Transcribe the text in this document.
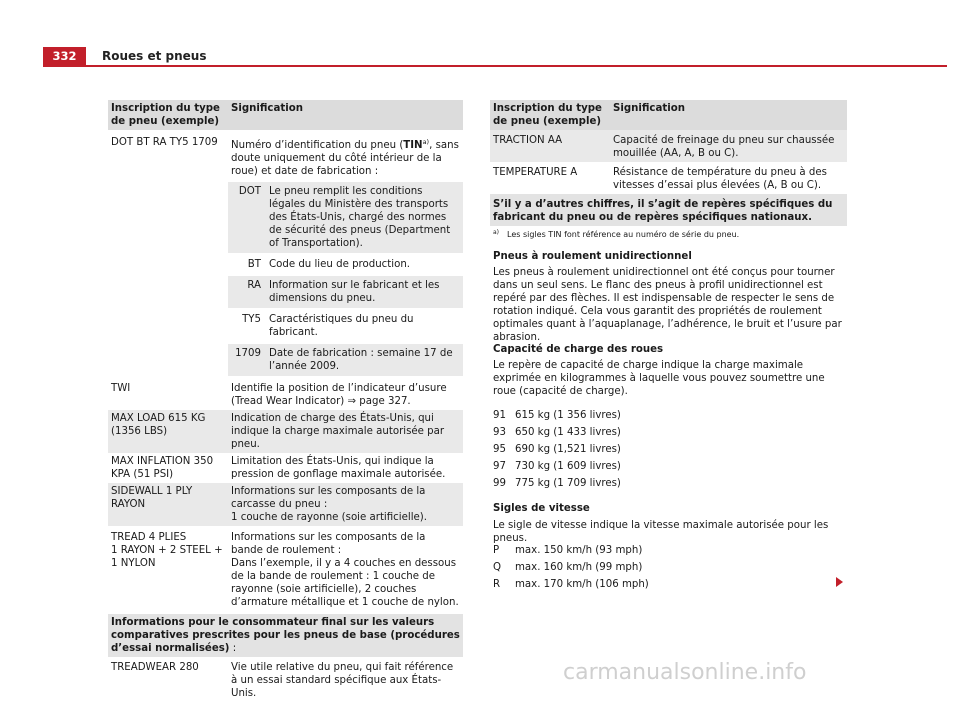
332	Roues et pneus
Inscription du type de pneu (exemple)	Signification
DOT BT RA TY5 1709	Numéro d’identification du pneu (TIN$^{a)}$, sans doute uniquement du côté intérieur de la roue) et date de fabrication :
DOT	Le pneu remplit les conditions légales du Ministère des transports des États-Unis, chargé des normes de sécurité des pneus (Department of Transportation).
BT	Code du lieu de production.
RA	Information sur le fabricant et les dimensions du pneu.
TY5	Caractéristiques du pneu du fabricant.
1709	Date de fabrication : semaine 17 de l’année 2009.

TWI	Identifie la position de l’indicateur d’usure (Tread Wear Indicator) ⇒ page 327.
MAX LOAD 615 KG (1356 LBS)	Indication de charge des États-Unis, qui indique la charge maximale autorisée par pneu.
MAX INFLATION 350 KPA (51 PSI)	Limitation des États-Unis, qui indique la pression de gonflage maximale autorisée.
SIDEWALL 1 PLY RAYON	Informations sur les composants de la carcasse du pneu :
1 couche de rayonne (soie artificielle).
TREAD 4 PLIES
1 RAYON + 2 STEEL +
1 NYLON	Informations sur les composants de la bande de roulement :
Dans l’exemple, il y a 4 couches en dessous de la bande de roulement : 1 couche de rayonne (soie artificielle), 2 couches d’armature métallique et 1 couche de nylon.
Informations pour le consommateur final sur les valeurs comparatives prescrites pour les pneus de base (procédures d’essai normalisées) :
TREADWEAR 280	Vie utile relative du pneu, qui fait référence à un essai standard spécifique aux États-Unis.
Inscription du type de pneu (exemple)	Signification
TRACTION AA	Capacité de freinage du pneu sur chaussée mouillée (AA, A, B ou C).
TEMPERATURE A	Résistance de température du pneu à des vitesses d’essai plus élevées (A, B ou C).
S’il y a d’autres chiffres, il s’agit de repères spécifiques du fabricant du pneu ou de repères spécifiques nationaux.	
$^{a)}$ Les sigles TIN font référence au numéro de série du pneu.
Pneus à roulement unidirectionnel
Les pneus à roulement unidirectionnel ont été conçus pour tourner dans un seul sens. Le flanc des pneus à profil unidirectionnel est repéré par des flèches. Il est indispensable de respecter le sens de rotation indiqué. Cela vous garantit des propriétés de roulement optimales quant à l’aquaplanage, l’adhérence, le bruit et l’usure par abrasion.
Capacité de charge des roues
Le repère de capacité de charge indique la charge maximale exprimée en kilogrammes à laquelle vous pouvez soumettre une roue (capacité de charge).
91 615 kg (1 356 livres)
93 650 kg (1 433 livres)
95 690 kg (1,521 livres)
97 730 kg (1 609 livres)
99 775 kg (1 709 livres)
Sigles de vitesse
Le sigle de vitesse indique la vitesse maximale autorisée pour les pneus.
P	max. 150 km/h (93 mph)
Q	max. 160 km/h (99 mph)
R	max. 170 km/h (106 mph)
carmanualsonline.info
